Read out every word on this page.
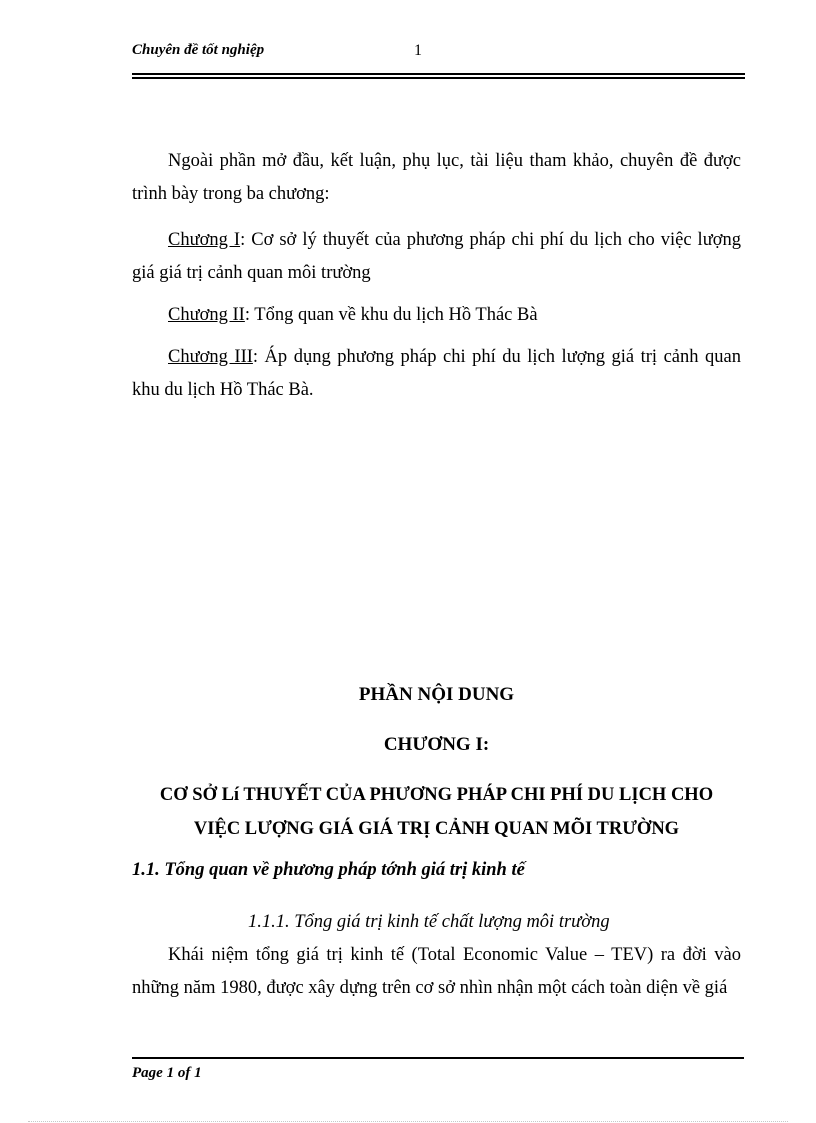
Chuyên đề tốt nghiệp	1

Ngoài phần mở đầu, kết luận, phụ lục, tài liệu tham khảo, chuyên đề được trình bày trong ba chương:

Chương I: Cơ sở lý thuyết của phương pháp chi phí du lịch cho việc lượng giá giá trị cảnh quan môi trường

Chương II: Tổng quan về khu du lịch Hồ Thác Bà

Chương III: Áp dụng phương pháp chi phí du lịch lượng giá trị cảnh quan khu du lịch Hồ Thác Bà.

PHẦN NỘI DUNG

CHƯƠNG I:

CƠ SỞ Lí THUYẾT CỦA PHƯƠNG PHÁP CHI PHÍ DU LỊCH CHO
VIỆC LƯỢNG GIÁ GIÁ TRỊ CẢNH QUAN MÕI TRƯỜNG

1.1. Tổng quan về phương pháp tớnh giá trị kinh tế

1.1.1. Tổng giá trị kinh tế chất lượng môi trường

Khái niệm tổng giá trị kinh tế (Total Economic Value – TEV) ra đời vào những năm 1980, được xây dựng trên cơ sở nhìn nhận một cách toàn diện về giá

Page 1 of 1
